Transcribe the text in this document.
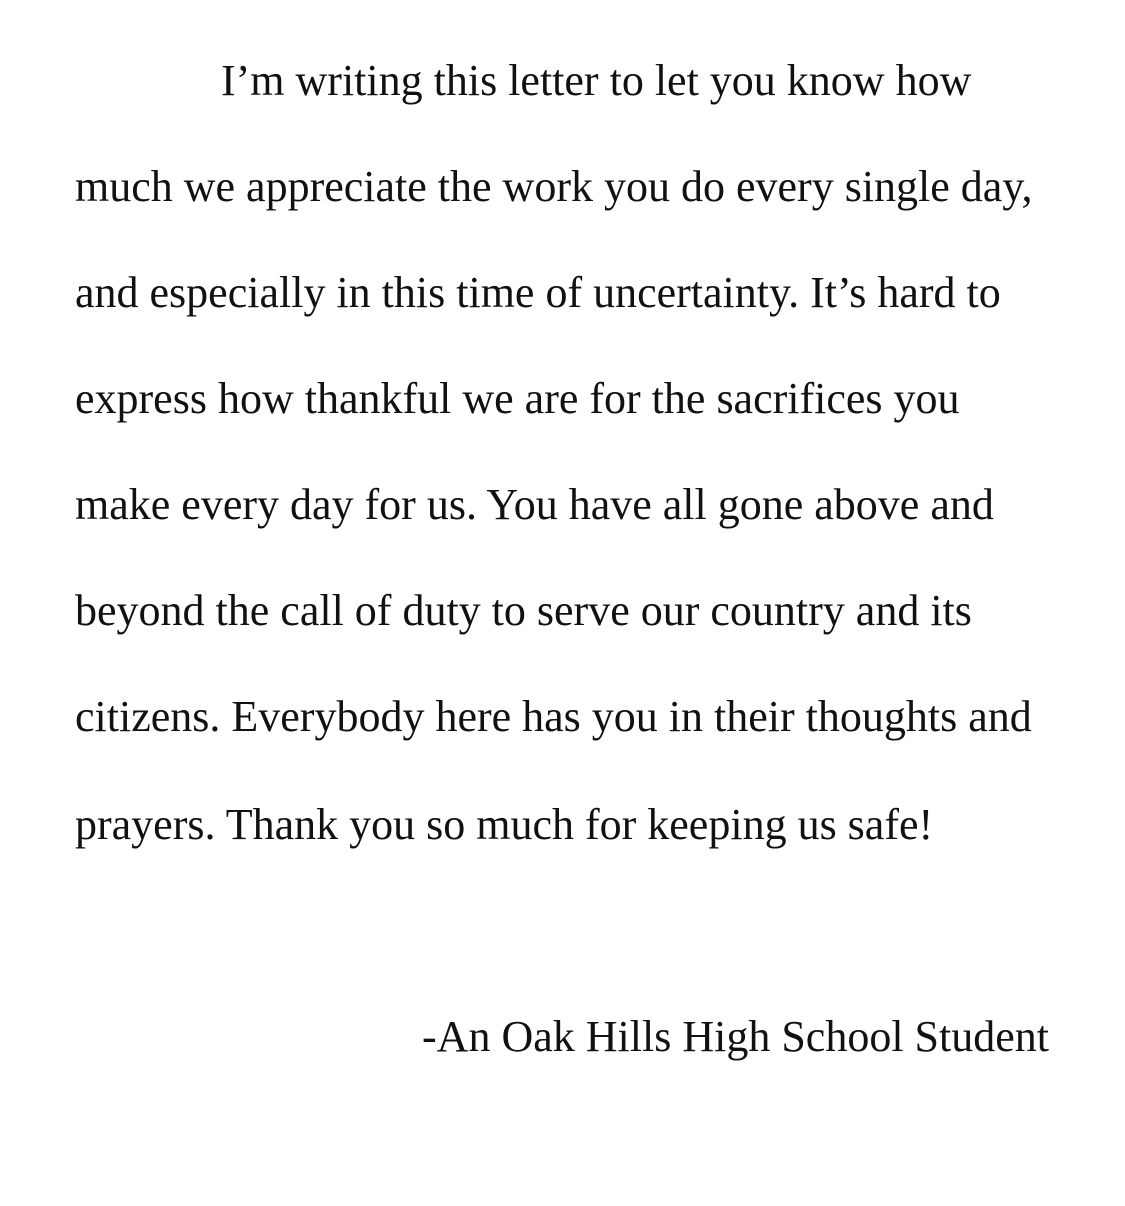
I’m writing this letter to let you know how

much we appreciate the work you do every single day,

and especially in this time of uncertainty. It’s hard to

express how thankful we are for the sacrifices you

make every day for us. You have all gone above and

beyond the call of duty to serve our country and its

citizens. Everybody here has you in their thoughts and

prayers. Thank you so much for keeping us safe!

-An Oak Hills High School Student
